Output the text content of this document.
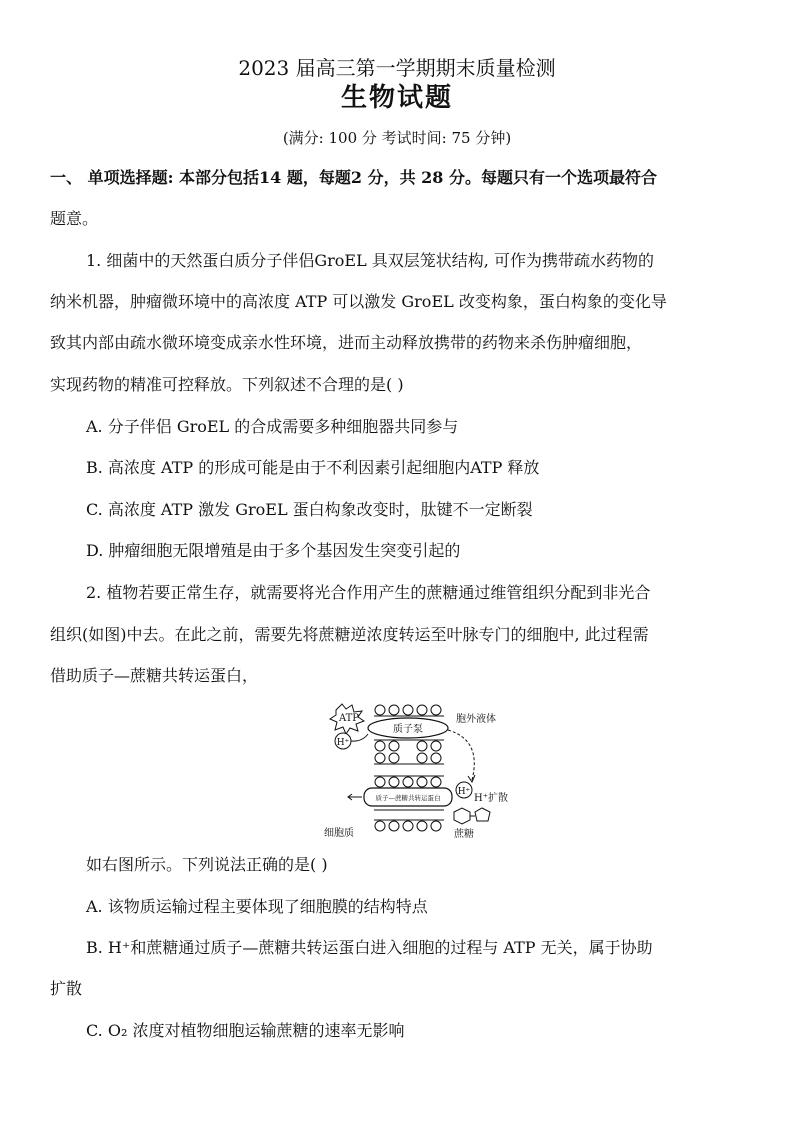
2023 届高三第一学期期末质量检测
生物试题
(满分: 100 分 考试时间: 75 分钟)
一、 单项选择题: 本部分包括14 题，每题2 分，共 28 分。每题只有一个选项最符合
题意。
1. 细菌中的天然蛋白质分子伴侣GroEL 具双层笼状结构, 可作为携带疏水药物的
纳米机器，肿瘤微环境中的高浓度 ATP 可以激发 GroEL 改变构象，蛋白构象的变化导
致其内部由疏水微环境变成亲水性环境，进而主动释放携带的药物来杀伤肿瘤细胞，
实现药物的精准可控释放。下列叙述不合理的是( )
A. 分子伴侣 GroEL 的合成需要多种细胞器共同参与
B. 高浓度 ATP 的形成可能是由于不利因素引起细胞内ATP 释放
C. 高浓度 ATP 激发 GroEL 蛋白构象改变时，肽键不一定断裂
D. 肿瘤细胞无限增殖是由于多个基因发生突变引起的
2. 植物若要正常生存，就需要将光合作用产生的蔗糖通过维管组织分配到非光合
组织(如图)中去。在此之前，需要先将蔗糖逆浓度转运至叶脉专门的细胞中, 此过程需
借助质子—蔗糖共转运蛋白，
质子泵
ATP
H⁺
胞外液体
质子—蔗糖共转运蛋白
H⁺
H⁺扩散
蔗糖
细胞质
如右图所示。下列说法正确的是( )
A. 该物质运输过程主要体现了细胞膜的结构特点
B. H⁺和蔗糖通过质子—蔗糖共转运蛋白进入细胞的过程与 ATP 无关，属于协助
扩散
C. O₂ 浓度对植物细胞运输蔗糖的速率无影响
